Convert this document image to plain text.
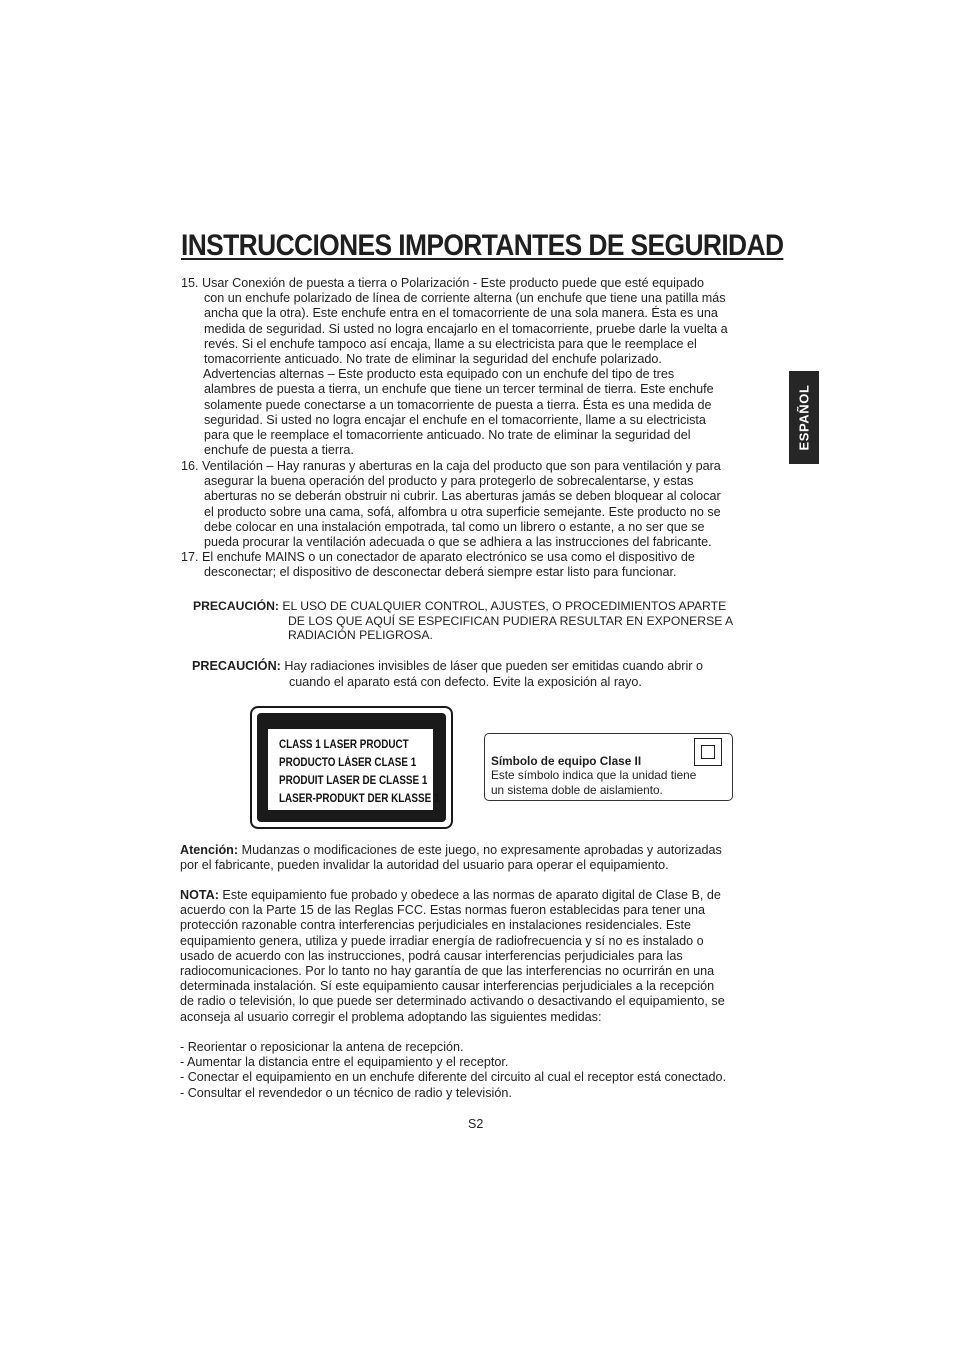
INSTRUCCIONES IMPORTANTES DE SEGURIDAD
ESPAÑOL
15. Usar Conexión de puesta a tierra o Polarización - Este producto puede que esté equipado
con un enchufe polarizado de línea de corriente alterna (un enchufe que tiene una patilla más
ancha que la otra). Este enchufe entra en el tomacorriente de una sola manera. Ésta es una
medida de seguridad. Si usted no logra encajarlo en el tomacorriente, pruebe darle la vuelta a
revés. Si el enchufe tampoco así encaja, llame a su electricista para que le reemplace el
tomacorriente anticuado. No trate de eliminar la seguridad del enchufe polarizado.
Advertencias alternas – Este producto esta equipado con un enchufe del tipo de tres
alambres de puesta a tierra, un enchufe que tiene un tercer terminal de tierra. Este enchufe
solamente puede conectarse a un tomacorriente de puesta a tierra. Ésta es una medida de
seguridad. Si usted no logra encajar el enchufe en el tomacorriente, llame a su electricista
para que le reemplace el tomacorriente anticuado. No trate de eliminar la seguridad del
enchufe de puesta a tierra.
16. Ventilación – Hay ranuras y aberturas en la caja del producto que son para ventilación y para
asegurar la buena operación del producto y para protegerlo de sobrecalentarse, y estas
aberturas no se deberán obstruir ni cubrir. Las aberturas jamás se deben bloquear al colocar
el producto sobre una cama, sofá, alfombra u otra superficie semejante. Este producto no se
debe colocar en una instalación empotrada, tal como un librero o estante, a no ser que se
pueda procurar la ventilación adecuada o que se adhiera a las instrucciones del fabricante.
17. El enchufe MAINS o un conectador de aparato electrónico se usa como el dispositivo de
desconectar; el dispositivo de desconectar deberá siempre estar listo para funcionar.
PRECAUCIÓN: EL USO DE CUALQUIER CONTROL, AJUSTES, O PROCEDIMIENTOS APARTE
DE LOS QUE AQUÍ SE ESPECIFICAN PUDIERA RESULTAR EN EXPONERSE A
RADIACIÓN PELIGROSA.
PRECAUCIÓN: Hay radiaciones invisibles de láser que pueden ser emitidas cuando abrir o
cuando el aparato está con defecto. Evite la exposición al rayo.
CLASS 1 LASER PRODUCT
PRODUCTO LÁSER CLASE 1
PRODUIT LASER DE CLASSE 1
LASER-PRODUKT DER KLASSE 1
Símbolo de equipo Clase II
Este símbolo indica que la unidad tiene
un sistema doble de aislamiento.
Atención: Mudanzas o modificaciones de este juego, no expresamente aprobadas y autorizadas
por el fabricante, pueden invalidar la autoridad del usuario para operar el equipamiento.
NOTA: Este equipamiento fue probado y obedece a las normas de aparato digital de Clase B, de
acuerdo con la Parte 15 de las Reglas FCC. Estas normas fueron establecidas para tener una
protección razonable contra interferencias perjudiciales en instalaciones residenciales. Este
equipamiento genera, utiliza y puede irradiar energía de radiofrecuencia y sí no es instalado o
usado de acuerdo con las instrucciones, podrá causar interferencias perjudiciales para las
radiocomunicaciones. Por lo tanto no hay garantía de que las interferencias no ocurrirán en una
determinada instalación. Sí este equipamiento causar interferencias perjudiciales a la recepción
de radio o televisión, lo que puede ser determinado activando o desactivando el equipamiento, se
aconseja al usuario corregir el problema adoptando las siguientes medidas:
- Reorientar o reposicionar la antena de recepción.
- Aumentar la distancia entre el equipamiento y el receptor.
- Conectar el equipamiento en un enchufe diferente del circuito al cual el receptor está conectado.
- Consultar el revendedor o un técnico de radio y televisión.
S2
